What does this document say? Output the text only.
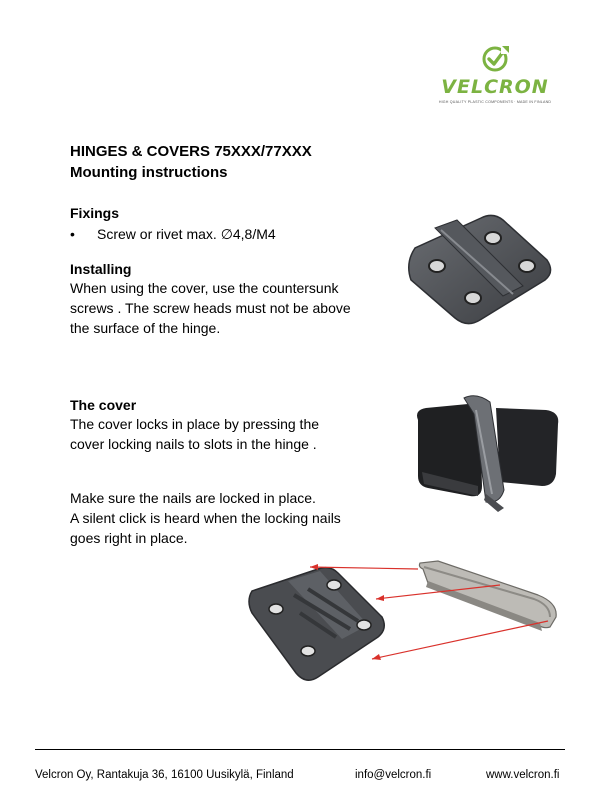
VELCRON
HIGH QUALITY PLASTIC COMPONENTS · MADE IN FINLAND
HINGES & COVERS 75XXX/77XXX
Mounting instructions
Fixings
• Screw or rivet max. ∅4,8/M4
Installing
When using the cover, use the countersunk screws . The screw heads must not be above the surface of the hinge.
The cover
The cover locks in place by pressing the cover locking nails to slots in the hinge .
Make sure the nails are locked in place.
A silent click is heard when the locking nails goes right in place.
Velcron Oy, Rantakuja 36, 16100 Uusikylä, Finland	info@velcron.fi	www.velcron.fi
